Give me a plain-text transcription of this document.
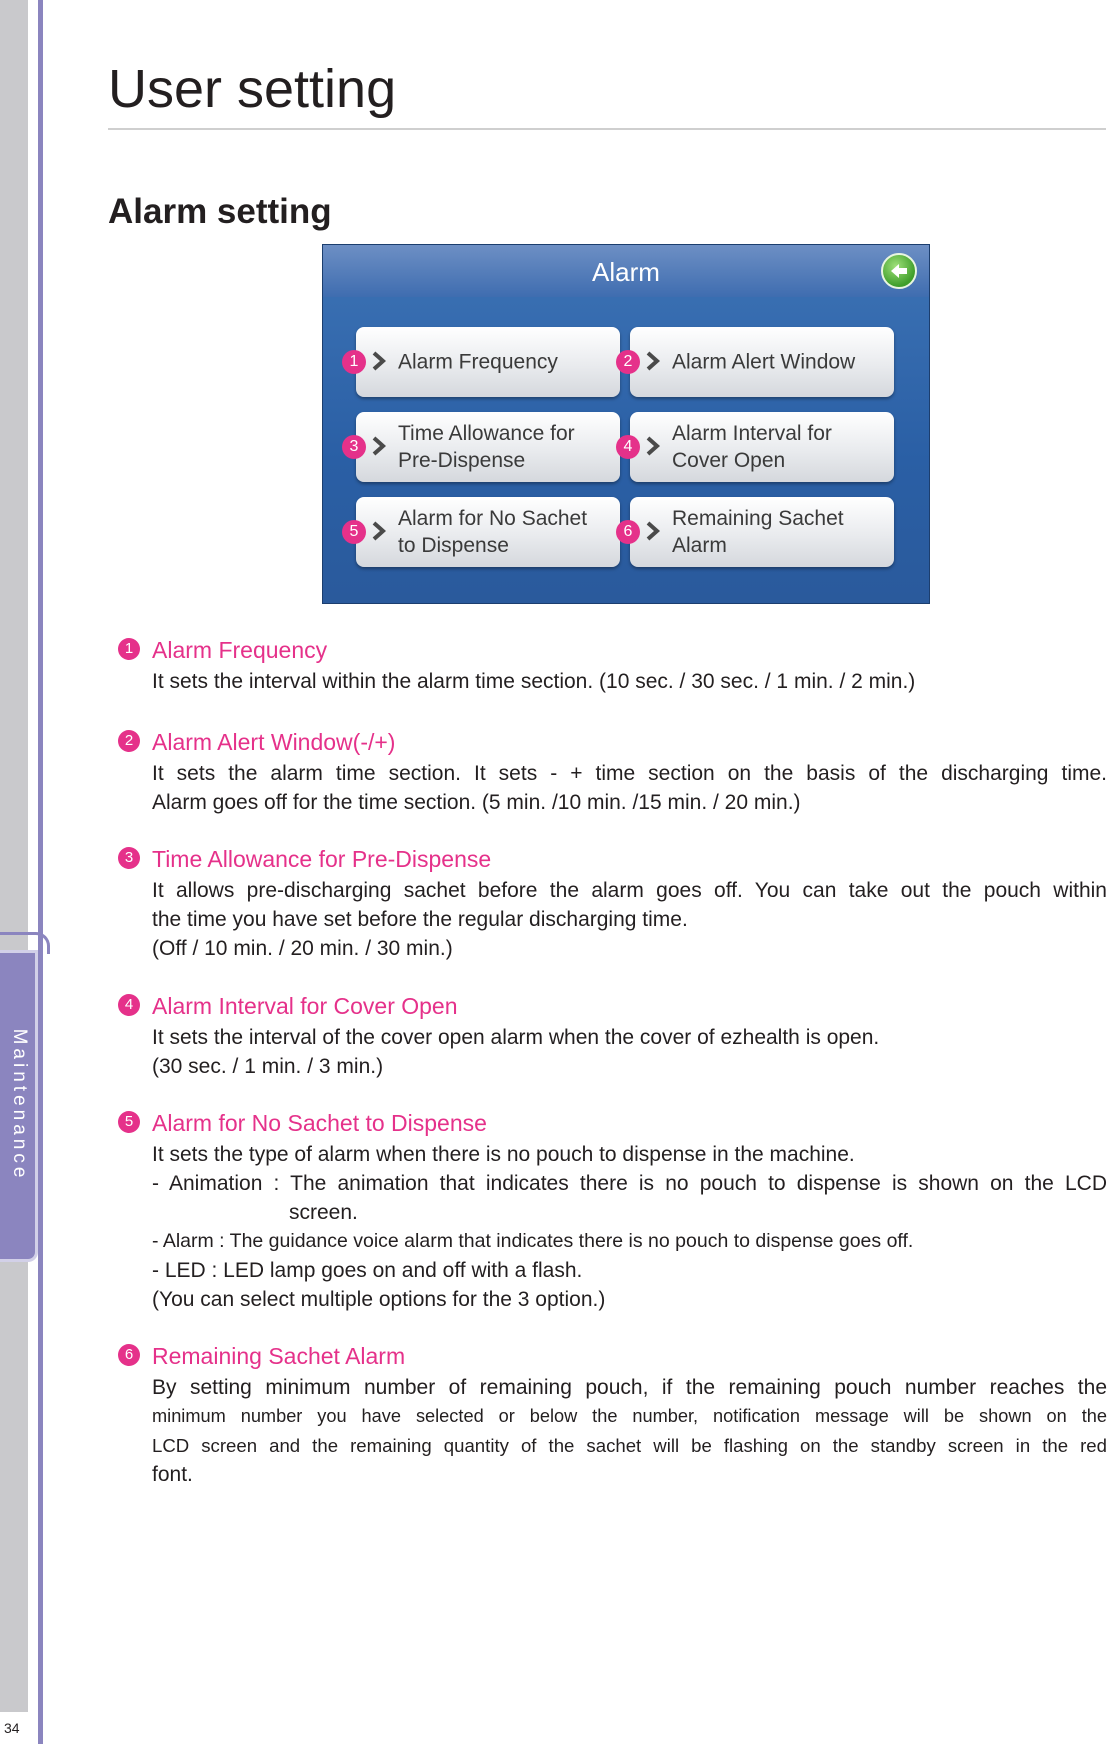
Maintenance
34
User setting
Alarm setting
Alarm
Alarm Frequency	Alarm Alert Window
Time Allowance for
Pre-Dispense
Alarm Interval for
Cover Open
Alarm for No Sachet
to Dispense
Remaining Sachet
Alarm
1	2
3	4
5	6
1 Alarm Frequency
It sets the interval within the alarm time section. (10 sec. / 30 sec. / 1 min. / 2 min.)
2 Alarm Alert Window(-/+)
It sets the alarm time section. It sets - + time section on the basis of the discharging time.
Alarm goes off for the time section. (5 min. /10 min. /15 min. / 20 min.)
3 Time Allowance for Pre-Dispense
It allows pre-discharging sachet before the alarm goes off. You can take out the pouch within
the time you have set before the regular discharging time.
(Off / 10 min. / 20 min. / 30 min.)
4 Alarm Interval for Cover Open
It sets the interval of the cover open alarm when the cover of ezhealth is open.
(30 sec. / 1 min. / 3 min.)
5 Alarm for No Sachet to Dispense
It sets the type of alarm when there is no pouch to dispense in the machine.
- Animation : The animation that indicates there is no pouch to dispense is shown on the LCD
screen.
- Alarm : The guidance voice alarm that indicates there is no pouch to dispense goes off.
- LED : LED lamp goes on and off with a flash.
(You can select multiple options for the 3 option.)
6 Remaining Sachet Alarm
By setting minimum number of remaining pouch, if the remaining pouch number reaches the
minimum number you have selected or below the number, notification message will be shown on the
LCD screen and the remaining quantity of the sachet will be flashing on the standby screen in the red
font.
